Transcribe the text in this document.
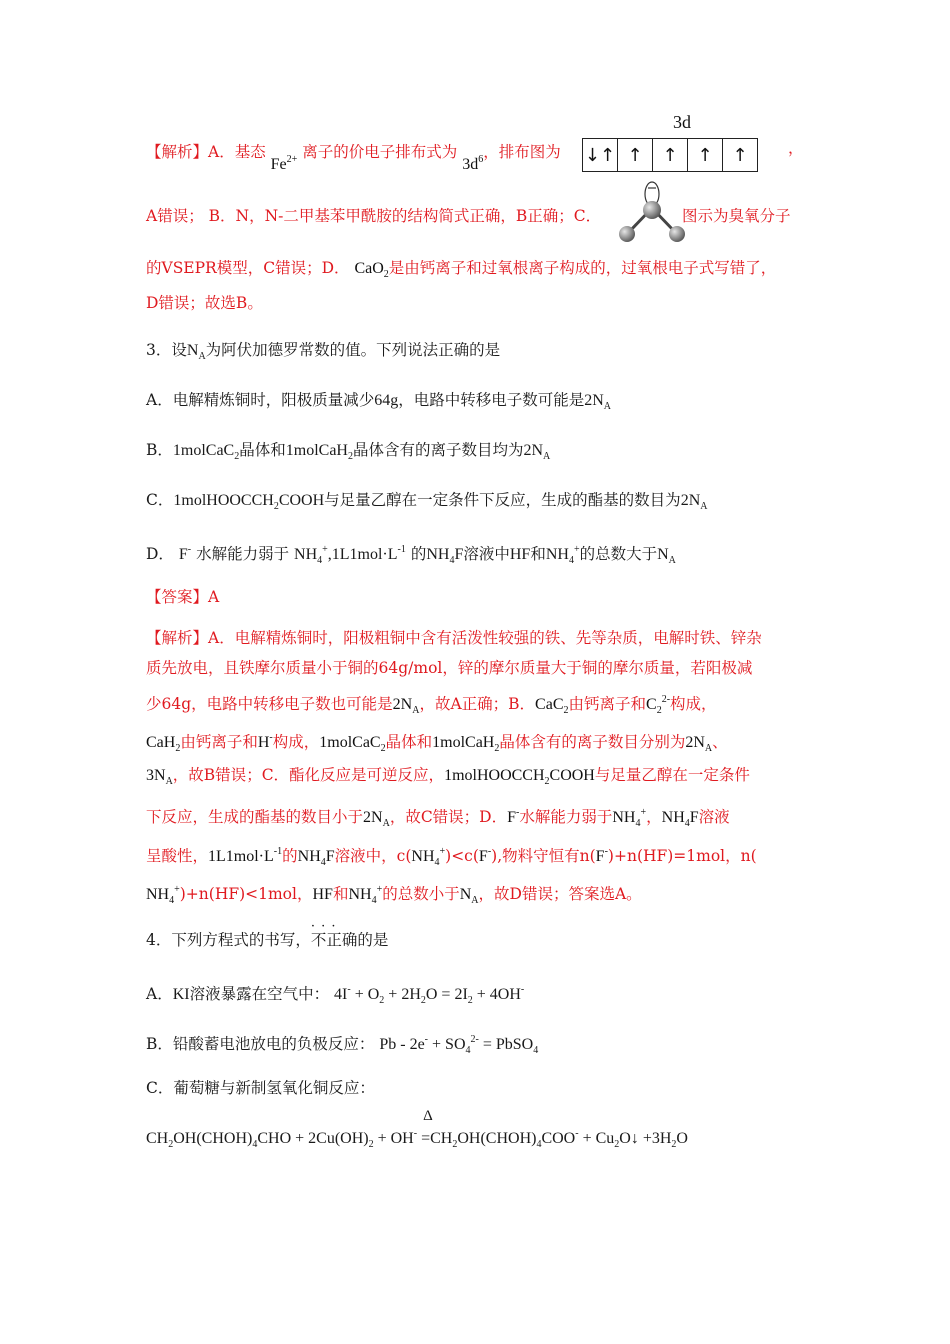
3d
↓↑ ↑	↑	↑	↑
【解析】A．基态 $Fe^{2+}$ 离子的价电子排布式为 $3d^6$，排布图为	，
A错误； B．N，N-二甲基苯甲酰胺的结构简式正确，B正确；C．	图示为臭氧分子
的VSEPR模型，C错误；D． CaO$_2$是由钙离子和过氧根离子构成的，过氧根电子式写错了，
D错误；故选B。
3．设$N_A$为阿伏加德罗常数的值。下列说法正确的是
A．电解精炼铜时，阳极质量减少64g，电路中转移电子数可能是$2N_A$
B．1molCaC$_2$晶体和1molCaH$_2$晶体含有的离子数目均为$2N_A$
C．1molHOOCCH$_2$COOH与足量乙醇在一定条件下反应，生成的酯基的数目为$2N_A$
D． F- 水解能力弱于 $NH_4^+,1L1mol\cdot L^{-1}$ 的$NH_4F$溶液中HF和$NH_4^+$的总数大于$N_A$
【答案】A
【解析】A．电解精炼铜时，阳极粗铜中含有活泼性较强的铁、先等杂质，电解时铁、锌杂
质先放电，且铁摩尔质量小于铜的64g/mol，锌的摩尔质量大于铜的摩尔质量，若阳极减
少64g，电路中转移电子数也可能是$2N_A$，故A正确；B．CaC$_2$由钙离子和$C_2^{2-}$构成，
CaH$_2$由钙离子和H-构成，1molCaC$_2$晶体和1molCaH$_2$晶体含有的离子数目分别为$2N_A$、
$3N_A$，故B错误；C．酯化反应是可逆反应，1molHOOCCH$_2$COOH与足量乙醇在一定条件
下反应，生成的酯基的数目小于$2N_A$，故C错误；D．F-水解能力弱于$NH_4^+$，$NH_4F$溶液
呈酸性，$1L1mol\cdot L^{-1}$的$NH_4F$溶液中，$c(NH_4^+)<c(F^-)$,物料守恒有n(F-)+n(HF)=1mol，n(
$NH_4^+)+n(HF)<1mol$，HF和$NH_4^+$的总数小于$N_A$，故D错误；答案选A。
4．下列方程式的书写，· · · 不正确的是
A．KI溶液暴露在空气中： $4I^- + O_2 + 2H_2O = 2I_2 + 4OH^-$
B．铅酸蓄电池放电的负极反应： $Pb - 2e^- + SO_4^{2-}$ = PbSO$_4$
C．葡萄糖与新制氢氧化铜反应：
$CH_2OH(CHOH)_4CHO + 2Cu(OH)_2 + OH^-$
Δ
$=CH_2OH(CHOH)_4COO^-$ + $Cu_2O↓ +3H_2O$
